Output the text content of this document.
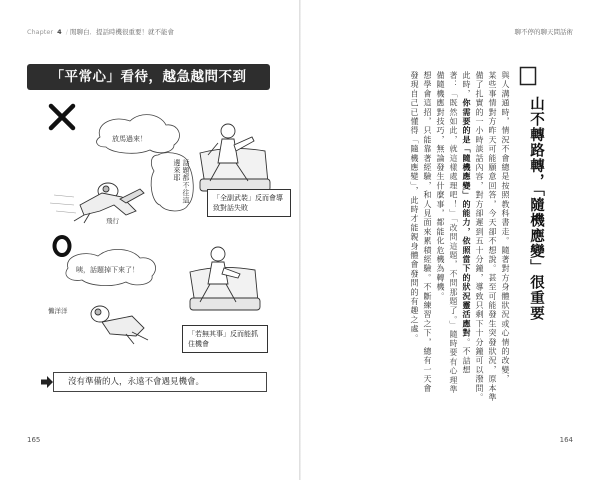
Chapter 4 / 閒聊白．提話時機很重要！就不能會
「平常心」看待，越急越問不到
放馬過來！
話題都不往這邊來耶
飛行
「全副武裝」反而會導致對話失敗
咦，話題掉下來了！
懶洋洋
「若無其事」反而能抓住機會
沒有準備的人，永遠不會遇見機會。
165
聊不停的聊天問話術
164
山不轉路轉，「隨機應變」很重要

與人溝通時，情況不會總是按照教科書走。隨著對方身體狀況或心情的改變，

某些事情對方昨天可能願意回答，今天卻不想說。甚至可能發生突發狀況，原本準

備了扎實的一小時談話內容，對方卻遲到五十分鐘，導致只剩下十分鐘可以潑問。

此時，你需要的是「隨機應變」的能力，依照當下的狀況靈活應對。不詰想

著：「既然如此，就這樣處理吧！」「改問這題，不問那題了。」隨時要有心理準

備隨機應對技巧，無論發生什麼事，都能化危機為轉機。

想學會這招，只能靠著經驗，和人見面來累積經驗。不斷練習之下，總有一天會

發現自己已懂得「隨機應變」，此時才能親身體會發問的有趣之處。
